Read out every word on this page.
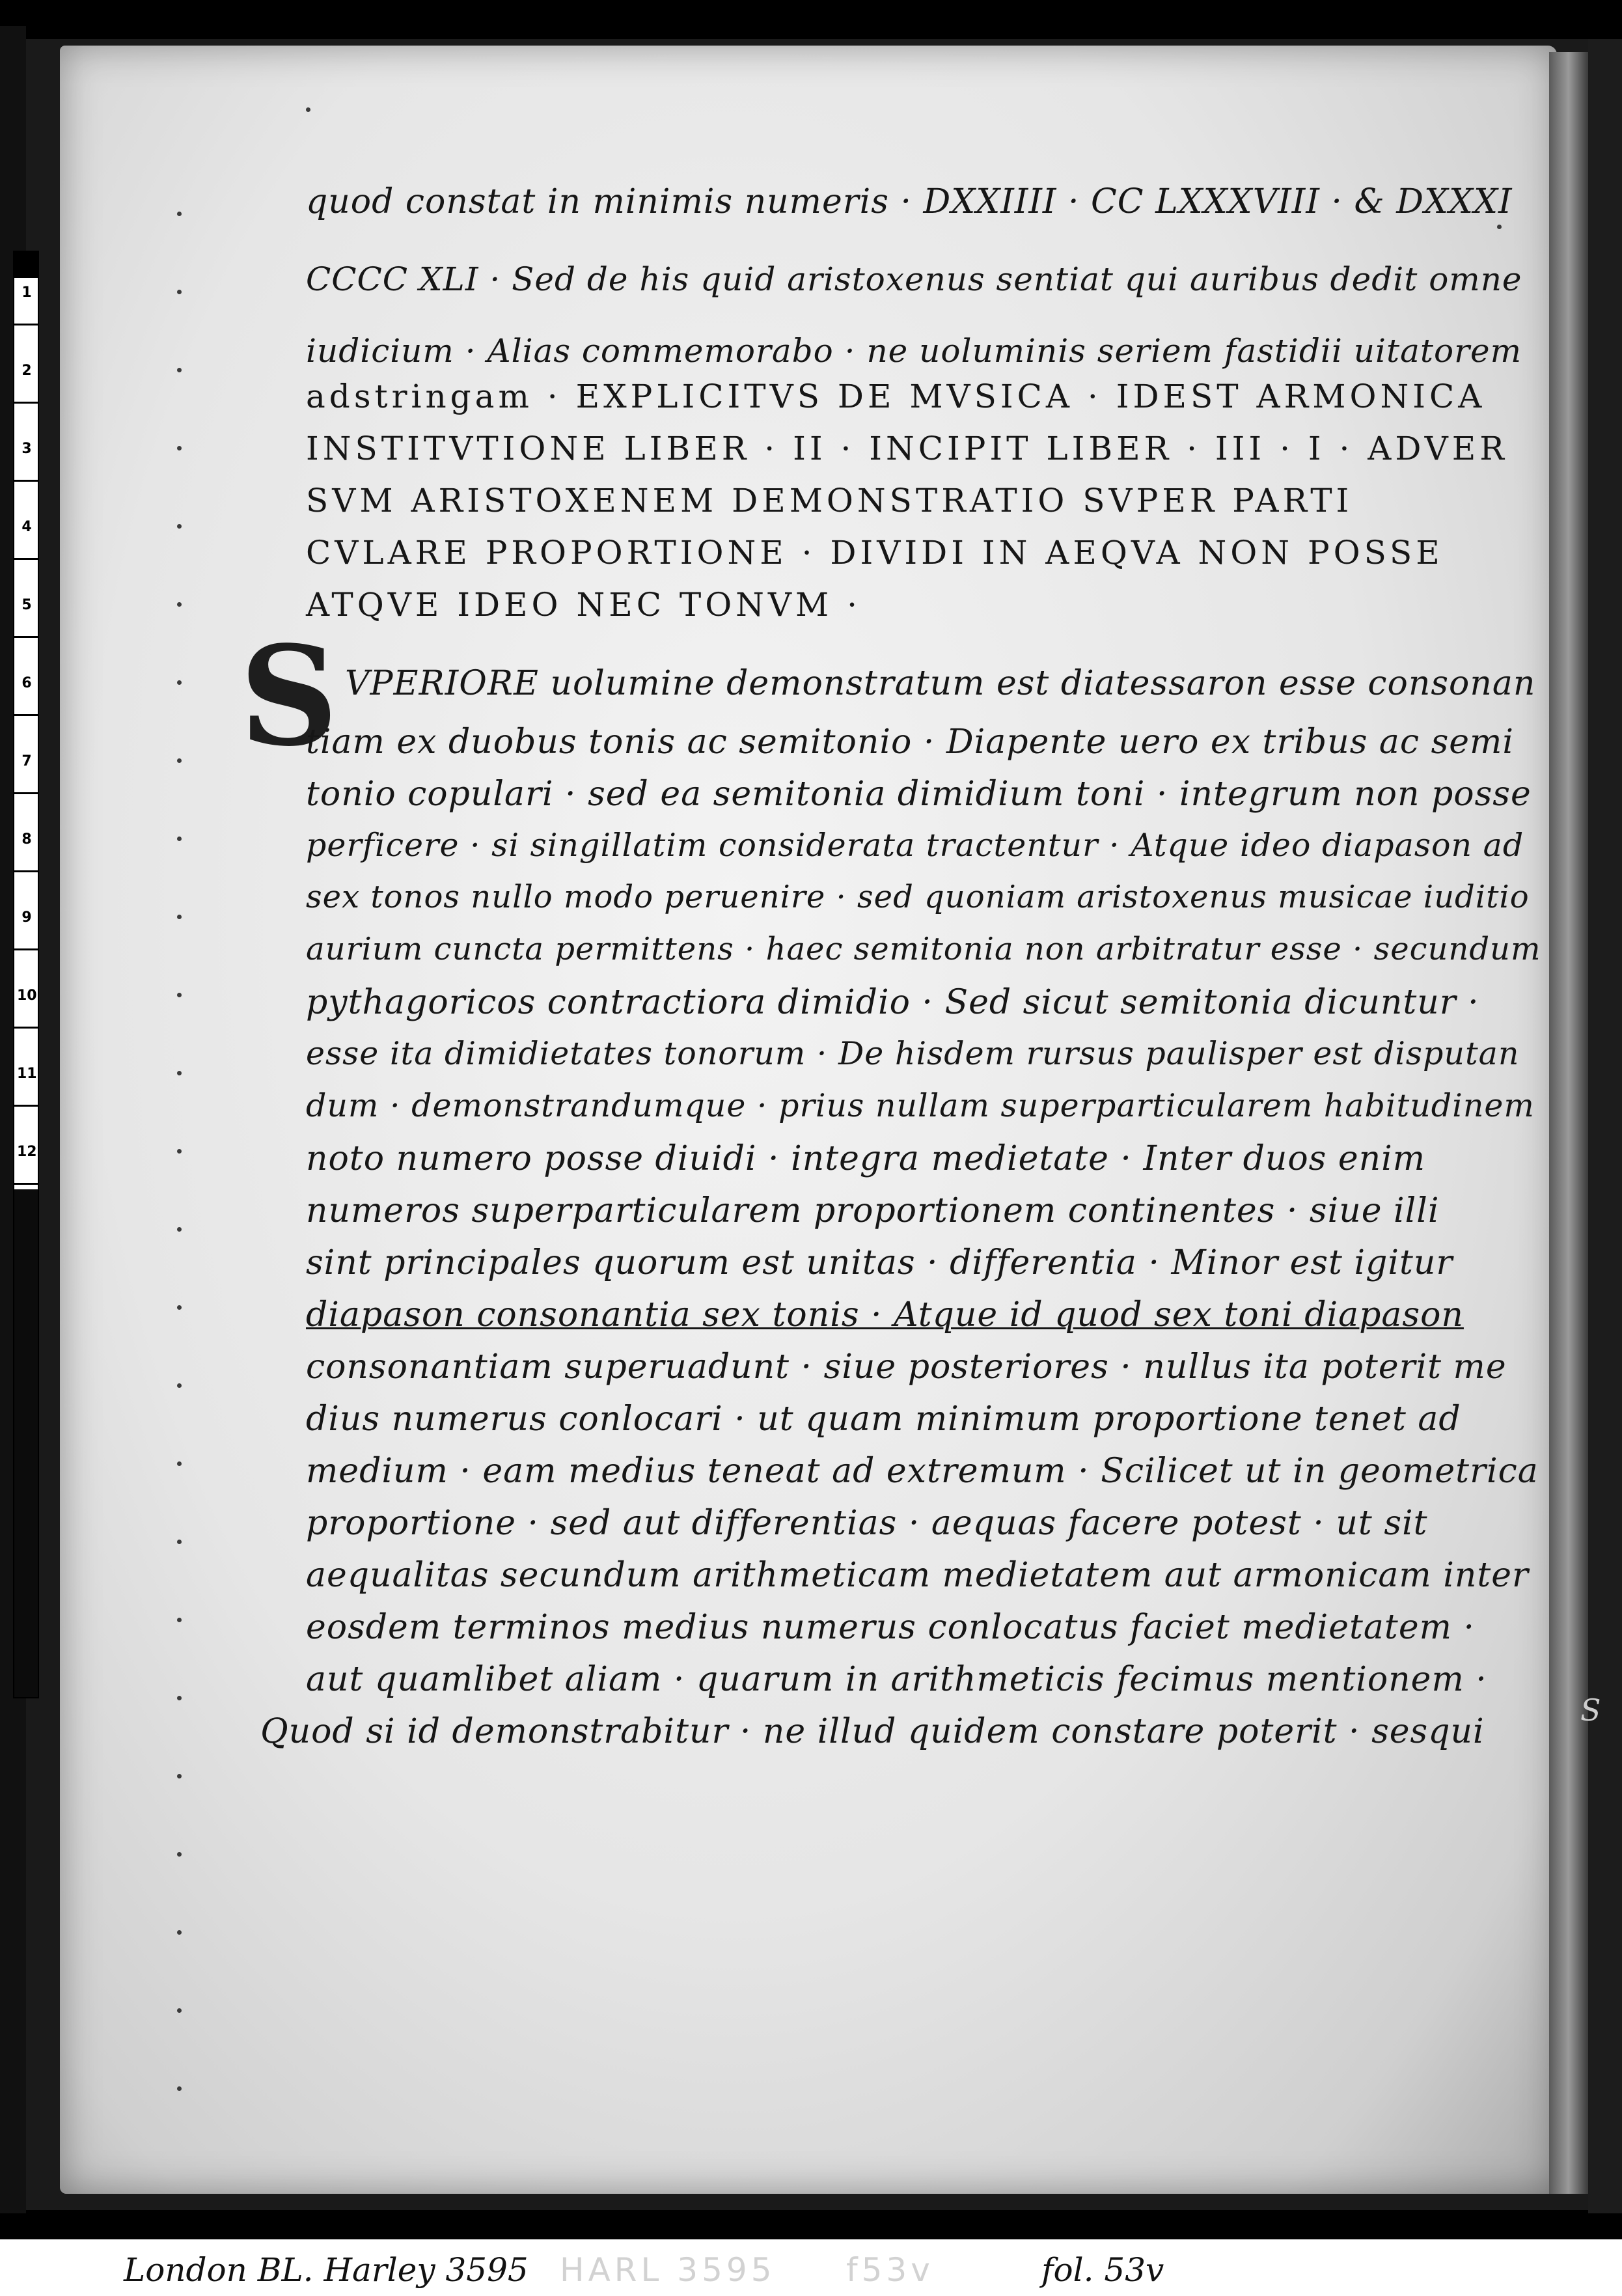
1
2
3
4
5
6
7
8
9
10
11
12
S
quod constat in minimis numeris · DXXIIII · CC LXXXVIII · & DXXXI
CCCC XLI · Sed de his quid aristoxenus sentiat qui auribus dedit omne
iudicium · Alias commemorabo · ne uoluminis seriem fastidii uitatorem
adstringam · EXPLICITVS DE MVSICA · IDEST ARMONICA
INSTITVTIONE LIBER · II · INCIPIT LIBER · III · I · ADVER
SVM ARISTOXENEM DEMONSTRATIO SVPER PARTI
CVLARE PROPORTIONE · DIVIDI IN AEQVA NON POSSE
ATQVE IDEO NEC TONVM ·
VPERIORE uolumine demonstratum est diatessaron esse consonan
tiam ex duobus tonis ac semitonio · Diapente uero ex tribus ac semi
tonio copulari · sed ea semitonia dimidium toni · integrum non posse
perficere · si singillatim considerata tractentur · Atque ideo diapason ad
sex tonos nullo modo peruenire · sed quoniam aristoxenus musicae iuditio
aurium cuncta permittens · haec semitonia non arbitratur esse · secundum
pythagoricos contractiora dimidio · Sed sicut semitonia dicuntur ·
esse ita dimidietates tonorum · De hisdem rursus paulisper est disputan
dum · demonstrandumque · prius nullam superparticularem habitudinem
noto numero posse diuidi · integra medietate · Inter duos enim
numeros superparticularem proportionem continentes · siue illi
sint principales quorum est unitas · differentia · Minor est igitur
diapason consonantia sex tonis · Atque id quod sex toni diapason
consonantiam superuadunt · siue posteriores · nullus ita poterit me
dius numerus conlocari · ut quam minimum proportione tenet ad
medium · eam medius teneat ad extremum · Scilicet ut in geometrica
proportione · sed aut differentias · aequas facere potest · ut sit
aequalitas secundum arithmeticam medietatem aut armonicam inter
eosdem terminos medius numerus conlocatus faciet medietatem ·
aut quamlibet aliam · quarum in arithmeticis fecimus mentionem ·
Quod si id demonstrabitur · ne illud quidem constare poterit · sesqui
S
London BL. Harley 3595 HARL 3595 f53v	fol. 53v
